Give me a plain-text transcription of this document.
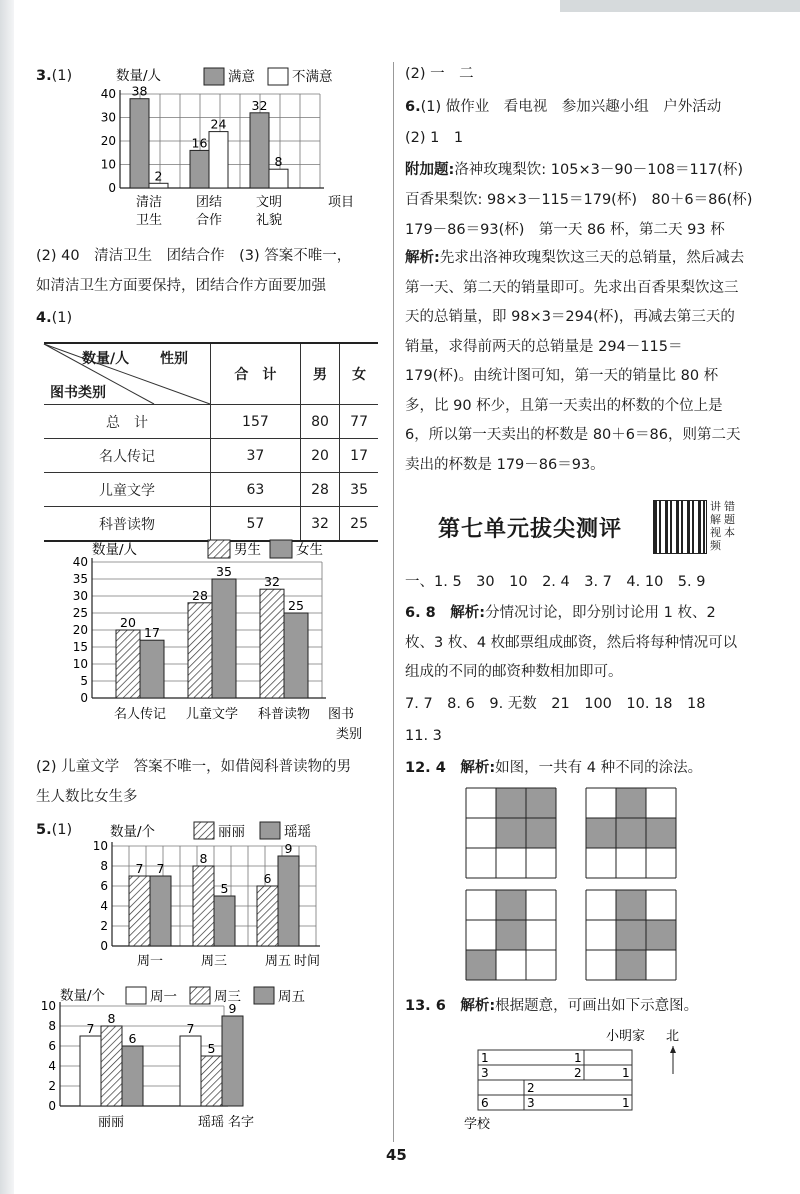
3.(1)
0
10
20
30
40 38
2
16
24
32
8
数量/人	满意	不满意
清洁
卫生
团结
合作
文明
礼貌
项目
(2) 40　清洁卫生　团结合作　(3) 答案不唯一，
如清洁卫生方面要保持，团结合作方面要加强
4.(1)
数量/人 性别
图书类别	合　计	男	女
总　计	157	80	77
名人传记	37	20	17
儿童文学	63	28	35
科普读物	57	32	25
0
5
10
15
20
25
30
35
40
20
17
28
35
32
25
数量/人	男生	女生
名人传记 儿童文学 科普读物 图书
类别
(2) 儿童文学　答案不唯一，如借阅科普读物的男
生人数比女生多
5.(1)
0
2
4
6
8
10
7 7
8
5
6
9
数量/个	丽丽	瑶瑶
周一	周三	周五 时间
0
2
4
6
8
10
7
8
6
7
5
9
数量/个	周一	周三	周五
丽丽	瑶瑶 名字
(2) 一　二
6.(1) 做作业　看电视　参加兴趣小组　户外活动
(2) 1　1
附加题:洛神玫瑰梨饮: 105×3－90－108＝117(杯)
百香果梨饮: 98×3－115＝179(杯)　80＋6＝86(杯)
179－86＝93(杯)　第一天 86 杯，第二天 93 杯
解析:先求出洛神玫瑰梨饮这三天的总销量，然后减去第一天、第二天的销量即可。先求出百香果梨饮这三天的总销量，即 98×3＝294(杯)，再减去第三天的销量，求得前两天的总销量是 294－115＝179(杯)。由统计图可知，第一天的销量比 80 杯多，比 90 杯少，且第一天卖出的杯数的个位上是 6，所以第一天卖出的杯数是 80＋6＝86，则第二天卖出的杯数是 179－86＝93。
第七单元拔尖测评
讲
解
视
频
错
题
本
一、1. 5　30　10　2. 4　3. 7　4. 10　5. 9
6. 8　 解析:分情况讨论，即分别讨论用 1 枚、2 枚、3 枚、4 枚邮票组成邮资，然后将每种情况可以组成的不同的邮资种数相加即可。
7. 7　8. 6　9. 无数　21　100　10. 18　18
11. 3
12. 4　 解析:如图，一共有 4 种不同的涂法。
13. 6　 解析:根据题意，可画出如下示意图。
小明家 北
1
3
1
2	1
2
3
6	1
学校
45
